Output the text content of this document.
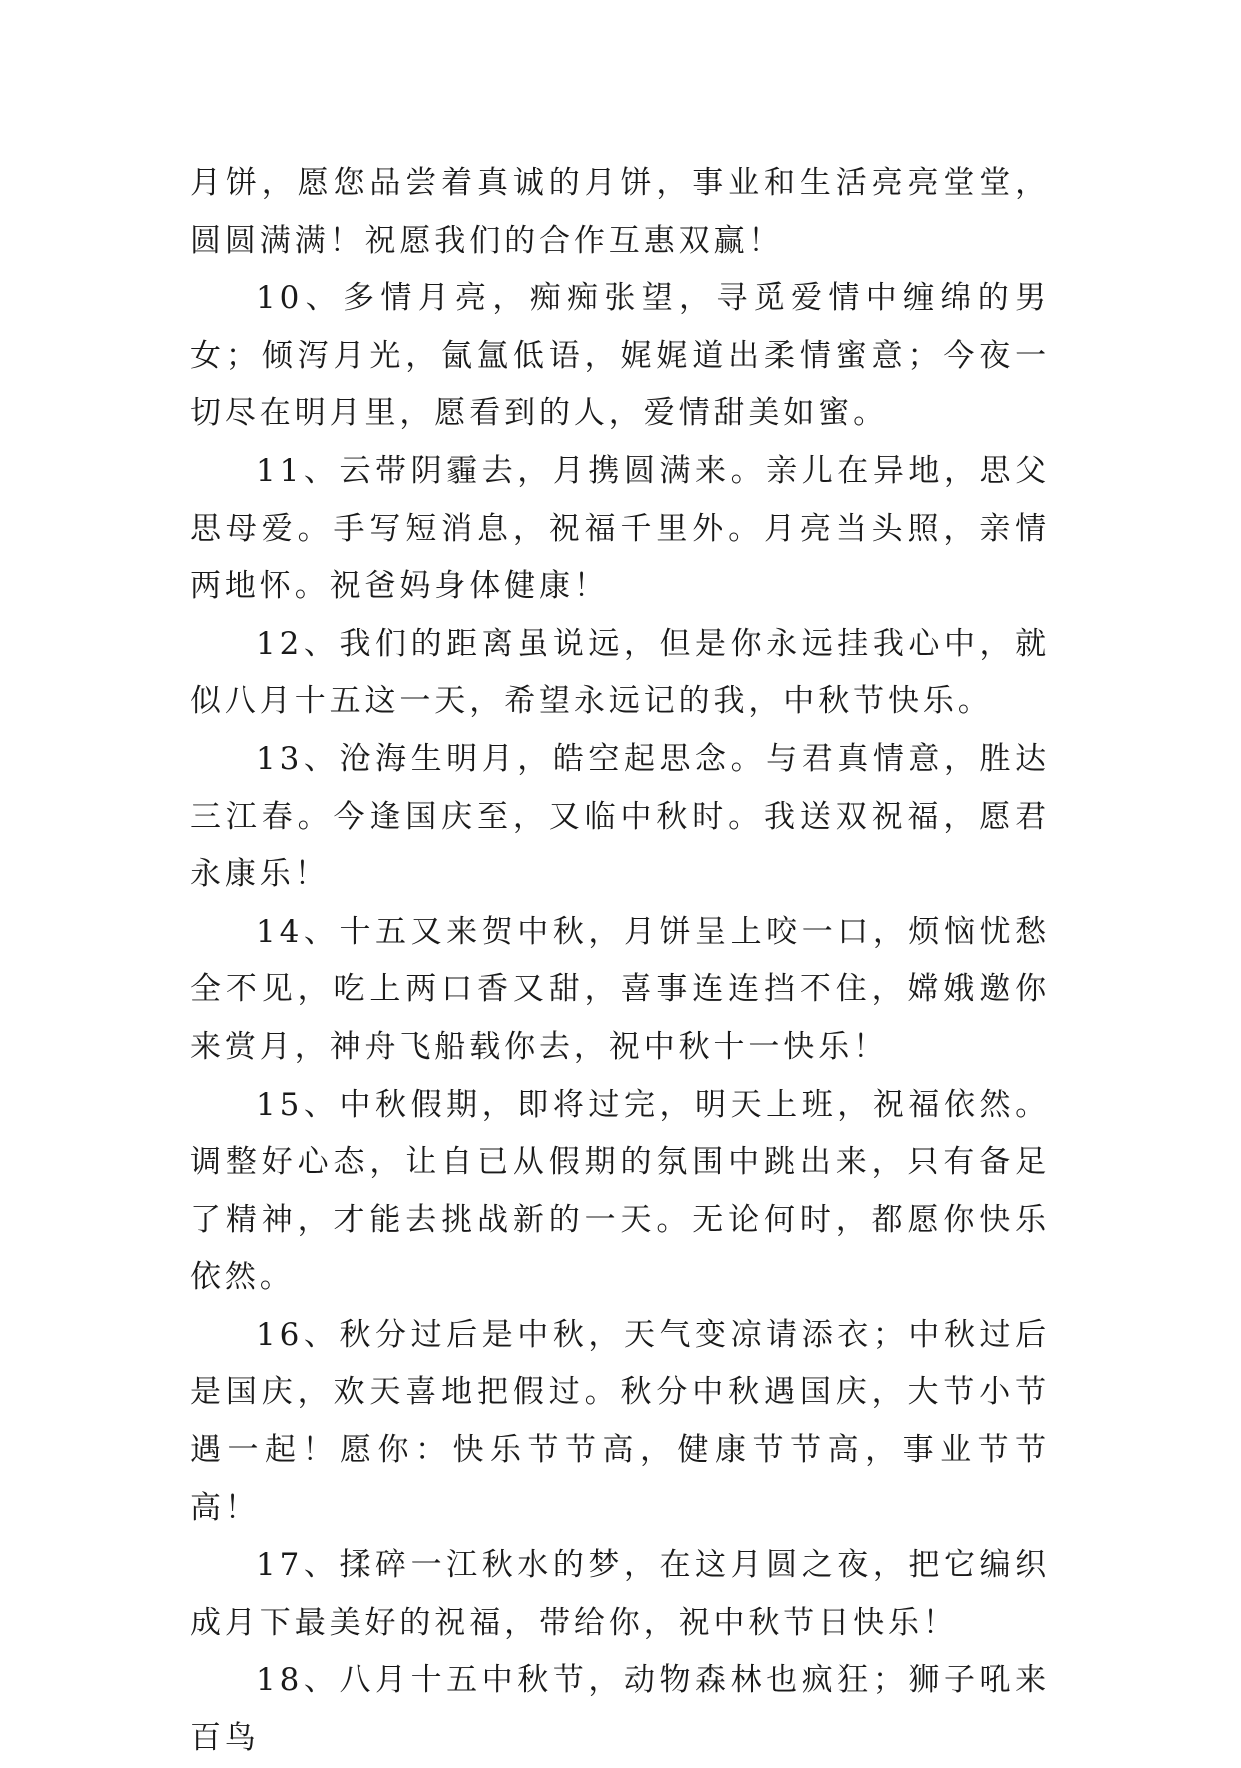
月饼，愿您品尝着真诚的月饼，事业和生活亮亮堂堂，圆圆满满！祝愿我们的合作互惠双赢！

10、多情月亮，痴痴张望，寻觅爱情中缠绵的男女；倾泻月光，氤氲低语，娓娓道出柔情蜜意；今夜一切尽在明月里，愿看到的人，爱情甜美如蜜。

11、云带阴霾去，月携圆满来。亲儿在异地，思父思母爱。手写短消息，祝福千里外。月亮当头照，亲情两地怀。祝爸妈身体健康！

12、我们的距离虽说远，但是你永远挂我心中，就似八月十五这一天，希望永远记的我，中秋节快乐。

13、沧海生明月，皓空起思念。与君真情意，胜达三江春。今逢国庆至，又临中秋时。我送双祝福，愿君永康乐！

14、十五又来贺中秋，月饼呈上咬一口，烦恼忧愁全不见，吃上两口香又甜，喜事连连挡不住，嫦娥邀你来赏月，神舟飞船载你去，祝中秋十一快乐！

15、中秋假期，即将过完，明天上班，祝福依然。调整好心态，让自已从假期的氛围中跳出来，只有备足了精神，才能去挑战新的一天。无论何时，都愿你快乐依然。

16、秋分过后是中秋，天气变凉请添衣；中秋过后是国庆，欢天喜地把假过。秋分中秋遇国庆，大节小节遇一起！愿你：快乐节节高，健康节节高，事业节节高！

17、揉碎一江秋水的梦，在这月圆之夜，把它编织成月下最美好的祝福，带给你，祝中秋节日快乐！

18、八月十五中秋节，动物森林也疯狂；狮子吼来百鸟
